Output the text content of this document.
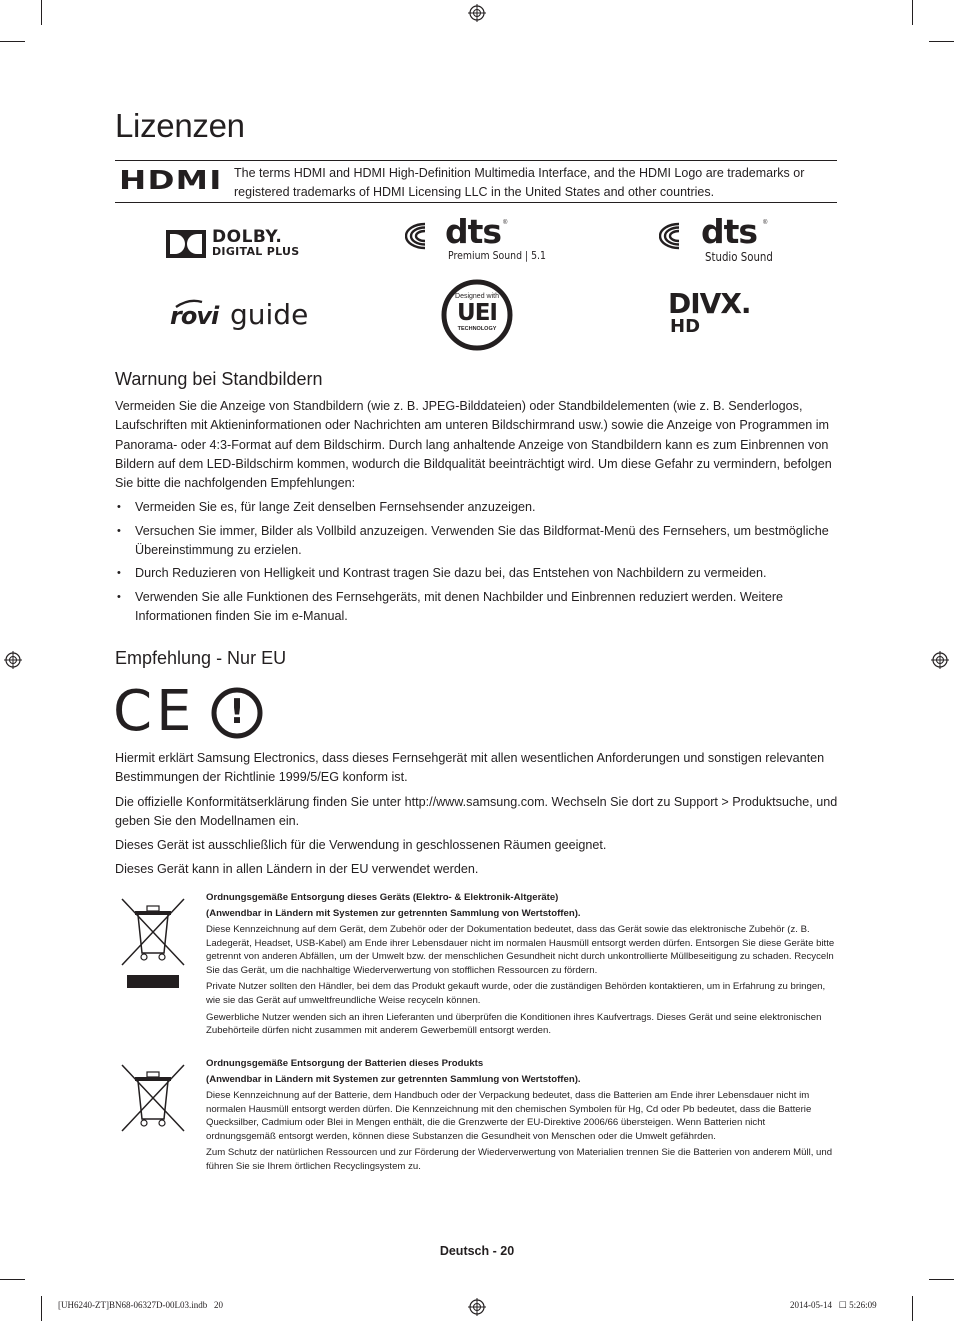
Lizenzen
HDMI The terms HDMI and HDMI High-Definition Multimedia Interface, and the HDMI Logo are trademarks or registered trademarks of HDMI Licensing LLC in the United States and other countries.
DOLBY.
DIGITAL PLUS
dts ®
Premium Sound | 5.1
dts ®
Studio Sound
rovi guide
Designed with
UEI
TECHNOLOGY
DIVX.
HD
Warnung bei Standbildern

Vermeiden Sie die Anzeige von Standbildern (wie z. B. JPEG-Bilddateien) oder Standbildelementen (wie z. B. Senderlogos, Laufschriften mit Aktieninformationen oder Nachrichten am unteren Bildschirmrand usw.) sowie die Anzeige von Programmen im Panorama- oder 4:3-Format auf dem Bildschirm. Durch lang anhaltende Anzeige von Standbildern kann es zum Einbrennen von Bildern auf dem LED-Bildschirm kommen, wodurch die Bildqualität beeinträchtigt wird. Um diese Gefahr zu vermindern, befolgen Sie bitte die nachfolgenden Empfehlungen:

• Vermeiden Sie es, für lange Zeit denselben Fernsehsender anzuzeigen.
• Versuchen Sie immer, Bilder als Vollbild anzuzeigen. Verwenden Sie das Bildformat-Menü des Fernsehers, um bestmögliche Übereinstimmung zu erzielen.
• Durch Reduzieren von Helligkeit und Kontrast tragen Sie dazu bei, das Entstehen von Nachbildern zu vermeiden.
• Verwenden Sie alle Funktionen des Fernsehgeräts, mit denen Nachbilder und Einbrennen reduziert werden. Weitere Informationen finden Sie im e-Manual.
Empfehlung - Nur EU
CE !

Hiermit erklärt Samsung Electronics, dass dieses Fernsehgerät mit allen wesentlichen Anforderungen und sonstigen relevanten Bestimmungen der Richtlinie 1999/5/EG konform ist.

Die offizielle Konformitätserklärung finden Sie unter http://www.samsung.com. Wechseln Sie dort zu Support > Produktsuche, und geben Sie den Modellnamen ein.

Dieses Gerät ist ausschließlich für die Verwendung in geschlossenen Räumen geeignet.

Dieses Gerät kann in allen Ländern in der EU verwendet werden.

Ordnungsgemäße Entsorgung dieses Geräts (Elektro- & Elektronik-Altgeräte)
(Anwendbar in Ländern mit Systemen zur getrennten Sammlung von Wertstoffen).

Diese Kennzeichnung auf dem Gerät, dem Zubehör oder der Dokumentation bedeutet, dass das Gerät sowie das elektronische Zubehör (z. B. Ladegerät, Headset, USB-Kabel) am Ende ihrer Lebensdauer nicht im normalen Hausmüll entsorgt werden dürfen. Entsorgen Sie diese Geräte bitte getrennt von anderen Abfällen, um der Umwelt bzw. der menschlichen Gesundheit nicht durch unkontrollierte Müllbeseitigung zu schaden. Recyceln Sie das Gerät, um die nachhaltige Wiederverwertung von stofflichen Ressourcen zu fördern.

Private Nutzer sollten den Händler, bei dem das Produkt gekauft wurde, oder die zuständigen Behörden kontaktieren, um in Erfahrung zu bringen, wie sie das Gerät auf umweltfreundliche Weise recyceln können.

Gewerbliche Nutzer wenden sich an ihren Lieferanten und überprüfen die Konditionen ihres Kaufvertrags. Dieses Gerät und seine elektronischen Zubehörteile dürfen nicht zusammen mit anderem Gewerbemüll entsorgt werden.

Ordnungsgemäße Entsorgung der Batterien dieses Produkts
(Anwendbar in Ländern mit Systemen zur getrennten Sammlung von Wertstoffen).

Diese Kennzeichnung auf der Batterie, dem Handbuch oder der Verpackung bedeutet, dass die Batterien am Ende ihrer Lebensdauer nicht im normalen Hausmüll entsorgt werden dürfen. Die Kennzeichnung mit den chemischen Symbolen für Hg, Cd oder Pb bedeutet, dass die Batterie Quecksilber, Cadmium oder Blei in Mengen enthält, die die Grenzwerte der EU-Direktive 2006/66 übersteigen. Wenn Batterien nicht ordnungsgemäß entsorgt werden, können diese Substanzen die Gesundheit von Menschen oder die Umwelt gefährden.

Zum Schutz der natürlichen Ressourcen und zur Förderung der Wiederverwertung von Materialien trennen Sie die Batterien von anderem Müll, und führen Sie sie Ihrem örtlichen Recyclingsystem zu.

Deutsch - 20
[UH6240-ZT]BN68-06327D-00L03.indb   20	2014-05-14   ☐ 5:26:09
